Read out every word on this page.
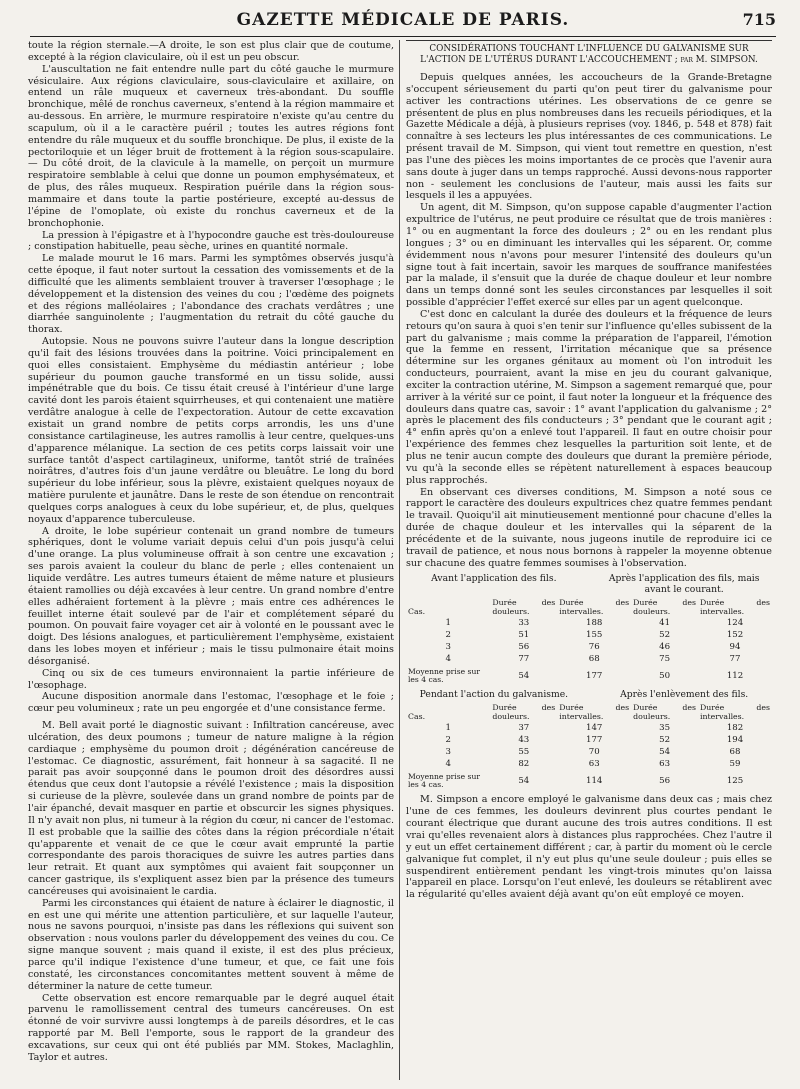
GAZETTE MÉDICALE DE PARIS.	715

toute la région sternale.—A droite, le son est plus clair que de coutume, excepté à la région claviculaire, où il est un peu obscur.

L'auscultation ne fait entendre nulle part du côté gauche le murmure vésiculaire. Aux régions claviculaire, sous-claviculaire et axillaire, on entend un râle muqueux et caverneux très-abondant. Du souffle bronchique, mêlé de ronchus caverneux, s'entend à la région mammaire et au-dessous. En arrière, le murmure respiratoire n'existe qu'au centre du scapulum, où il a le caractère puéril ; toutes les autres régions font entendre du râle muqueux et du souffle bronchique. De plus, il existe de la pectoriloquie et un léger bruit de frottement à la région sous-scapulaire. — Du côté droit, de la clavicule à la mamelle, on perçoit un murmure respiratoire semblable à celui que donne un poumon emphysémateux, et de plus, des râles muqueux. Respiration puérile dans la région sous-mammaire et dans toute la partie postérieure, excepté au-dessus de l'épine de l'omoplate, où existe du ronchus caverneux et de la bronchophonie.

La pression à l'épigastre et à l'hypocondre gauche est très-douloureuse ; constipation habituelle, peau sèche, urines en quantité normale.

Le malade mourut le 16 mars. Parmi les symptômes observés jusqu'à cette époque, il faut noter surtout la cessation des vomissements et de la difficulté que les aliments semblaient trouver à traverser l'œsophage ; le développement et la distension des veines du cou ; l'œdème des poignets et des régions malléolaires ; l'abondance des crachats verdâtres ; une diarrhée sanguinolente ; l'augmentation du retrait du côté gauche du thorax.

Autopsie. Nous ne pouvons suivre l'auteur dans la longue description qu'il fait des lésions trouvées dans la poitrine. Voici principalement en quoi elles consistaient. Emphysème du médiastin antérieur ; lobe supérieur du poumon gauche transformé en un tissu solide, aussi impénétrable que du bois. Ce tissu était creusé à l'intérieur d'une large cavité dont les parois étaient squirrheuses, et qui contenaient une matière verdâtre analogue à celle de l'expectoration. Autour de cette excavation existait un grand nombre de petits corps arrondis, les uns d'une consistance cartilagineuse, les autres ramollis à leur centre, quelques-uns d'apparence mélanique. La section de ces petits corps laissait voir une surface tantôt d'aspect cartilagineux, uniforme, tantôt strié de traînées noirâtres, d'autres fois d'un jaune verdâtre ou bleuâtre. Le long du bord supérieur du lobe inférieur, sous la plèvre, existaient quelques noyaux de matière purulente et jaunâtre. Dans le reste de son étendue on rencontrait quelques corps analogues à ceux du lobe supérieur, et, de plus, quelques noyaux d'apparence tuberculeuse.

A droite, le lobe supérieur contenait un grand nombre de tumeurs sphériques, dont le volume variait depuis celui d'un pois jusqu'à celui d'une orange. La plus volumineuse offrait à son centre une excavation ; ses parois avaient la couleur du blanc de perle ; elles contenaient un liquide verdâtre. Les autres tumeurs étaient de même nature et plusieurs étaient ramollies ou déjà excavées à leur centre. Un grand nombre d'entre elles adhéraient fortement à la plèvre ; mais entre ces adhérences le feuillet interne était soulevé par de l'air et complétement séparé du poumon. On pouvait faire voyager cet air à volonté en le poussant avec le doigt. Des lésions analogues, et particulièrement l'emphysème, existaient dans les lobes moyen et inférieur ; mais le tissu pulmonaire était moins désorganisé.

Cinq ou six de ces tumeurs environnaient la partie inférieure de l'œsophage.

Aucune disposition anormale dans l'estomac, l'œsophage et le foie ; cœur peu volumineux ; rate un peu engorgée et d'une consistance ferme.

M. Bell avait porté le diagnostic suivant : Infiltration cancéreuse, avec ulcération, des deux poumons ; tumeur de nature maligne à la région cardiaque ; emphysème du poumon droit ; dégénération cancéreuse de l'estomac. Ce diagnostic, assurément, fait honneur à sa sagacité. Il ne parait pas avoir soupçonné dans le poumon droit des désordres aussi étendus que ceux dont l'autopsie a révélé l'existence ; mais la disposition si curieuse de la plèvre, soulevée dans un grand nombre de points par de l'air épanché, devait masquer en partie et obscurcir les signes physiques. Il n'y avait non plus, ni tumeur à la région du cœur, ni cancer de l'estomac. Il est probable que la saillie des côtes dans la région précordiale n'était qu'apparente et venait de ce que le cœur avait emprunté la partie correspondante des parois thoraciques de suivre les autres parties dans leur retrait. Et quant aux symptômes qui avaient fait soupçonner un cancer gastrique, ils s'expliquent assez bien par la présence des tumeurs cancéreuses qui avoisinaient le cardia.

Parmi les circonstances qui étaient de nature à éclairer le diagnostic, il en est une qui mérite une attention particulière, et sur laquelle l'auteur, nous ne savons pourquoi, n'insiste pas dans les réflexions qui suivent son observation : nous voulons parler du développement des veines du cou. Ce signe manque souvent ; mais quand il existe, il est des plus précieux, parce qu'il indique l'existence d'une tumeur, et que, ce fait une fois constaté, les circonstances concomitantes mettent souvent à même de déterminer la nature de cette tumeur.

Cette observation est encore remarquable par le degré auquel était parvenu le ramollissement central des tumeurs cancéreuses. On est étonné de voir survivre aussi longtemps à de pareils désordres, et le cas rapporté par M. Bell l'emporte, sous le rapport de la grandeur des excavations, sur ceux qui ont été publiés par MM. Stokes, Maclaghlin, Taylor et autres.

CONSIDÉRATIONS TOUCHANT L'INFLUENCE DU GALVANISME SUR L'ACTION DE L'UTÉRUS DURANT L'ACCOUCHEMENT ; par M. SIMPSON.

Depuis quelques années, les accoucheurs de la Grande-Bretagne s'occupent sérieusement du parti qu'on peut tirer du galvanisme pour activer les contractions utérines. Les observations de ce genre se présentent de plus en plus nombreuses dans les recueils périodiques, et la Gazette Médicale a déjà, à plusieurs reprises (voy. 1846, p. 548 et 878) fait connaître à ses lecteurs les plus intéressantes de ces communications. Le présent travail de M. Simpson, qui vient tout remettre en question, n'est pas l'une des pièces les moins importantes de ce procès que l'avenir aura sans doute à juger dans un temps rapproché. Aussi devons-nous rapporter non - seulement les conclusions de l'auteur, mais aussi les faits sur lesquels il les a appuyées.

Un agent, dit M. Simpson, qu'on suppose capable d'augmenter l'action expultrice de l'utérus, ne peut produire ce résultat que de trois manières : 1° ou en augmentant la force des douleurs ; 2° ou en les rendant plus longues ; 3° ou en diminuant les intervalles qui les séparent. Or, comme évidemment nous n'avons pour mesurer l'intensité des douleurs qu'un signe tout à fait incertain, savoir les marques de souffrance manifestées par la malade, il s'ensuit que la durée de chaque douleur et leur nombre dans un temps donné sont les seules circonstances par lesquelles il soit possible d'apprécier l'effet exercé sur elles par un agent quelconque.

C'est donc en calculant la durée des douleurs et la fréquence de leurs retours qu'on saura à quoi s'en tenir sur l'influence qu'elles subissent de la part du galvanisme ; mais comme la préparation de l'appareil, l'émotion que la femme en ressent, l'irritation mécanique que sa présence détermine sur les organes génitaux au moment où l'on introduit les conducteurs, pourraient, avant la mise en jeu du courant galvanique, exciter la contraction utérine, M. Simpson a sagement remarqué que, pour arriver à la vérité sur ce point, il faut noter la longueur et la fréquence des douleurs dans quatre cas, savoir : 1° avant l'application du galvanisme ; 2° après le placement des fils conducteurs ; 3° pendant que le courant agit ; 4° enfin après qu'on a enlevé tout l'appareil. Il faut en outre choisir pour l'expérience des femmes chez lesquelles la parturition soit lente, et de plus ne tenir aucun compte des douleurs que durant la première période, vu qu'à la seconde elles se répètent naturellement à espaces beaucoup plus rapprochés.

En observant ces diverses conditions, M. Simpson a noté sous ce rapport le caractère des douleurs expultrices chez quatre femmes pendant le travail. Quoiqu'il ait minutieusement mentionné pour chacune d'elles la durée de chaque douleur et les intervalles qui la séparent de la précédente et de la suivante, nous jugeons inutile de reproduire ici ce travail de patience, et nous nous bornons à rappeler la moyenne obtenue sur chacune des quatre femmes soumises à l'observation.

Avant l'application des fils.	Après l'application des fils, mais avant le courant.
Cas.	Durée des douleurs.	Durée des intervalles.	Durée des douleurs.	Durée des intervalles.
1	33	188	41	124
2	51	155	52	152
3	56	76	46	94
4	77	68	75	77
Moyenne prise sur les 4 cas.	54	177	50	112
Pendant l'action du galvanisme.	Après l'enlèvement des fils.
Cas.	Durée des douleurs.	Durée des intervalles.	Durée des douleurs.	Durée des intervalles.
1	37	147	35	182
2	43	177	52	194
3	55	70	54	68
4	82	63	63	59
Moyenne prise sur les 4 cas.	54	114	56	125

M. Simpson a encore employé le galvanisme dans deux cas ; mais chez l'une de ces femmes, les douleurs devinrent plus courtes pendant le courant électrique que durant aucune des trois autres conditions. Il est vrai qu'elles revenaient alors à distances plus rapprochées. Chez l'autre il y eut un effet certainement différent ; car, à partir du moment où le cercle galvanique fut complet, il n'y eut plus qu'une seule douleur ; puis elles se suspendirent entièrement pendant les vingt-trois minutes qu'on laissa l'appareil en place. Lorsqu'on l'eut enlevé, les douleurs se rétablirent avec la régularité qu'elles avaient déjà avant qu'on eût employé ce moyen.
